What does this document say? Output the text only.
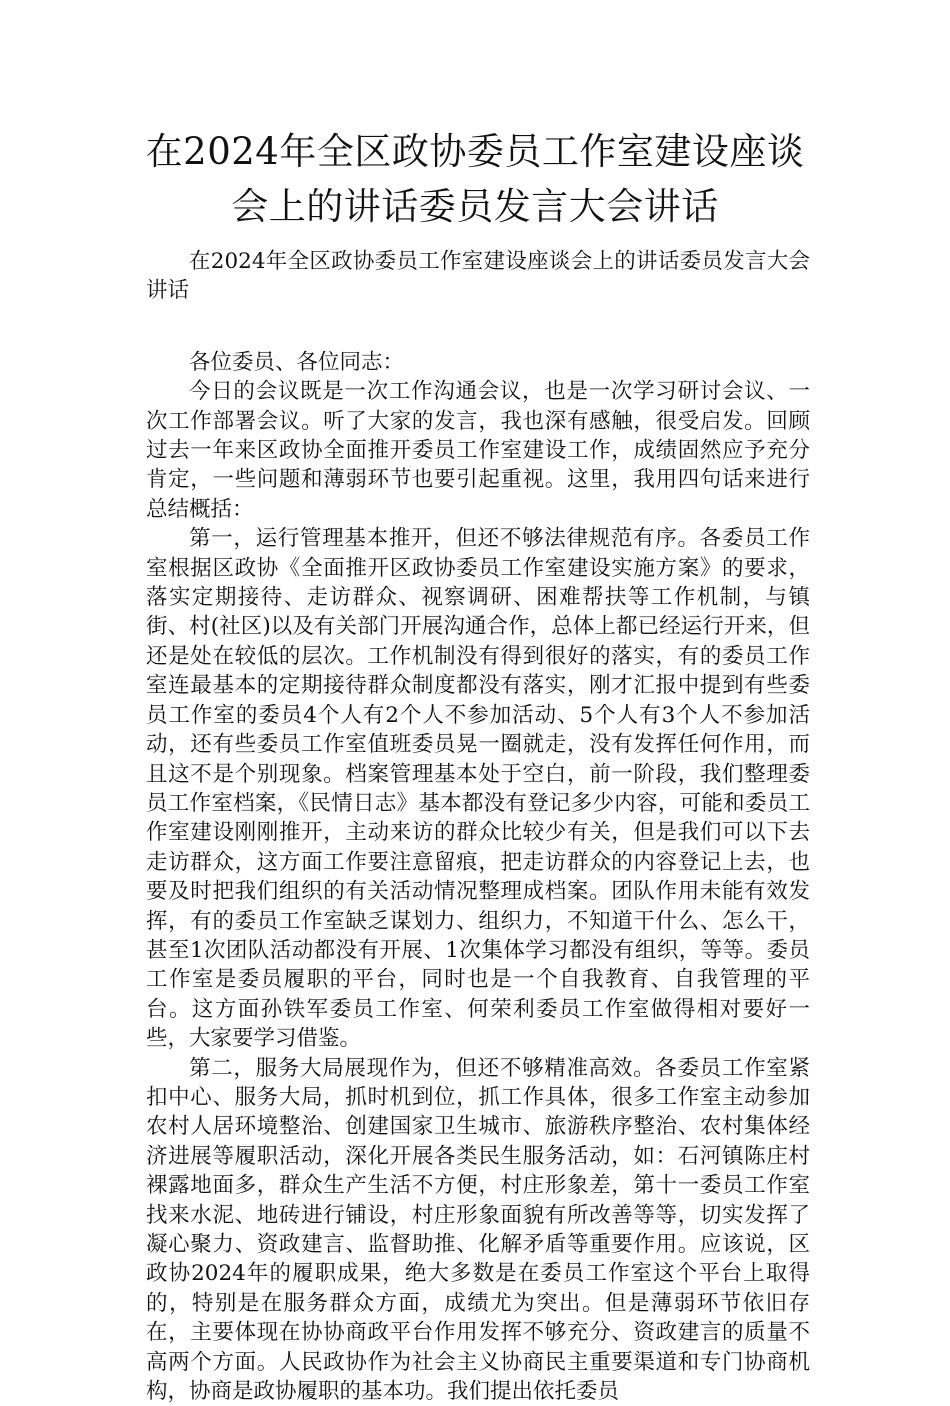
在2024年全区政协委员工作室建设座谈会上的讲话委员发言大会讲话

在2024年全区政协委员工作室建设座谈会上的讲话委员发言大会讲话

各位委员、各位同志：

今日的会议既是一次工作沟通会议，也是一次学习研讨会议、一次工作部署会议。听了大家的发言，我也深有感触，很受启发。回顾过去一年来区政协全面推开委员工作室建设工作，成绩固然应予充分肯定，一些问题和薄弱环节也要引起重视。这里，我用四句话来进行总结概括：

第一，运行管理基本推开，但还不够法律规范有序。各委员工作室根据区政协《全面推开区政协委员工作室建设实施方案》的要求，落实定期接待、走访群众、视察调研、困难帮扶等工作机制，与镇街、村(社区)以及有关部门开展沟通合作，总体上都已经运行开来，但还是处在较低的层次。工作机制没有得到很好的落实，有的委员工作室连最基本的定期接待群众制度都没有落实，刚才汇报中提到有些委员工作室的委员4个人有2个人不参加活动、5个人有3个人不参加活动，还有些委员工作室值班委员晃一圈就走，没有发挥任何作用，而且这不是个别现象。档案管理基本处于空白，前一阶段，我们整理委员工作室档案，《民情日志》基本都没有登记多少内容，可能和委员工作室建设刚刚推开，主动来访的群众比较少有关，但是我们可以下去走访群众，这方面工作要注意留痕，把走访群众的内容登记上去，也要及时把我们组织的有关活动情况整理成档案。团队作用未能有效发挥，有的委员工作室缺乏谋划力、组织力，不知道干什么、怎么干，甚至1次团队活动都没有开展、1次集体学习都没有组织，等等。委员工作室是委员履职的平台，同时也是一个自我教育、自我管理的平台。这方面孙铁军委员工作室、何荣利委员工作室做得相对要好一些，大家要学习借鉴。

第二，服务大局展现作为，但还不够精准高效。各委员工作室紧扣中心、服务大局，抓时机到位，抓工作具体，很多工作室主动参加农村人居环境整治、创建国家卫生城市、旅游秩序整治、农村集体经济进展等履职活动，深化开展各类民生服务活动，如：石河镇陈庄村裸露地面多，群众生产生活不方便，村庄形象差，第十一委员工作室找来水泥、地砖进行铺设，村庄形象面貌有所改善等等，切实发挥了凝心聚力、资政建言、监督助推、化解矛盾等重要作用。应该说，区政协2024年的履职成果，绝大多数是在委员工作室这个平台上取得的，特别是在服务群众方面，成绩尤为突出。但是薄弱环节依旧存在，主要体现在协协商政平台作用发挥不够充分、资政建言的质量不高两个方面。人民政协作为社会主义协商民主重要渠道和专门协商机构，协商是政协履职的基本功。我们提出依托委员
